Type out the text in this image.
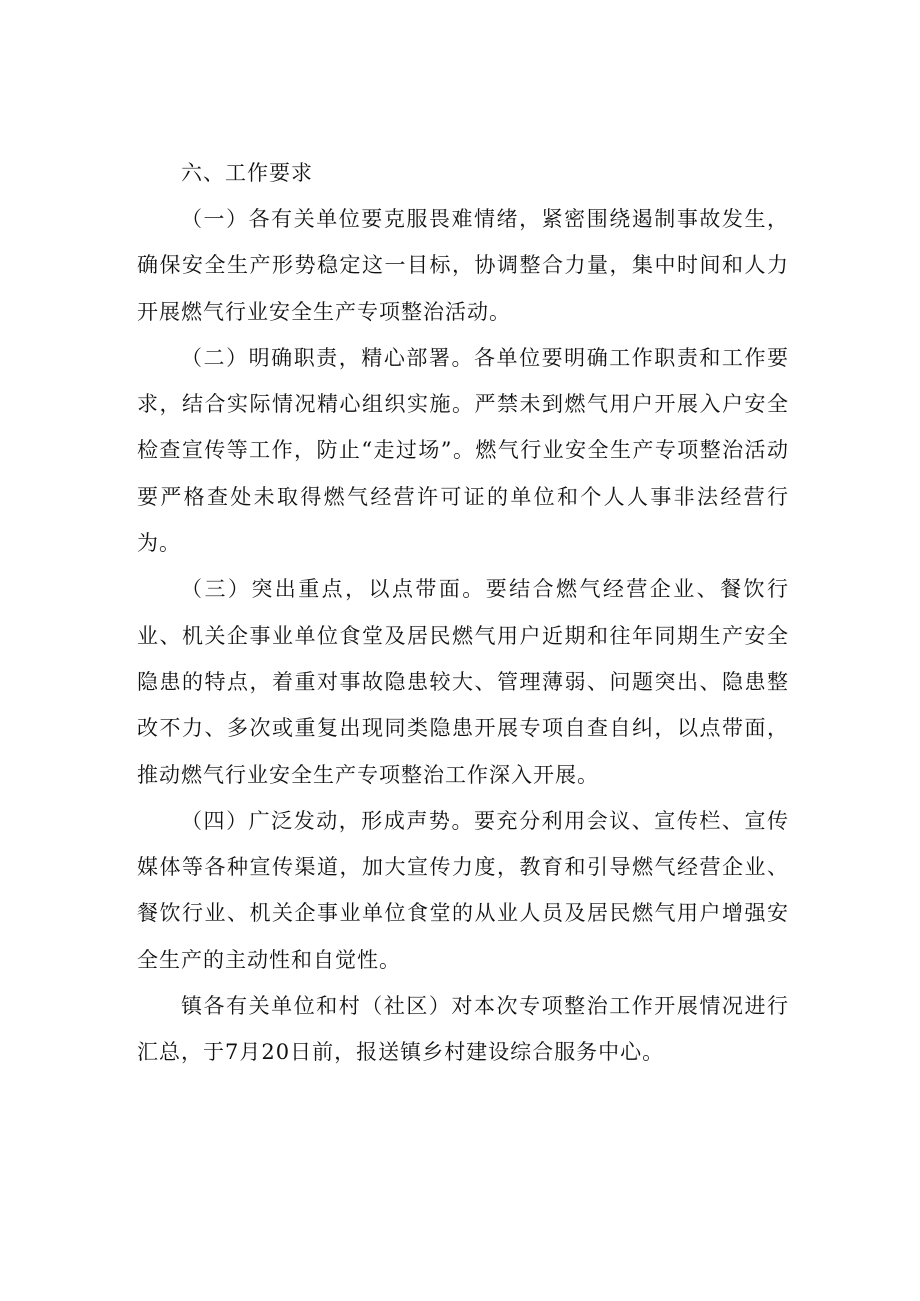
六、工作要求

（一）各有关单位要克服畏难情绪，紧密围绕遏制事故发生，确保安全生产形势稳定这一目标，协调整合力量，集中时间和人力开展燃气行业安全生产专项整治活动。

（二）明确职责，精心部署。各单位要明确工作职责和工作要求，结合实际情况精心组织实施。严禁未到燃气用户开展入户安全检查宣传等工作，防止“走过场”。燃气行业安全生产专项整治活动要严格查处未取得燃气经营许可证的单位和个人人事非法经营行为。

（三）突出重点，以点带面。要结合燃气经营企业、餐饮行业、机关企事业单位食堂及居民燃气用户近期和往年同期生产安全隐患的特点，着重对事故隐患较大、管理薄弱、问题突出、隐患整改不力、多次或重复出现同类隐患开展专项自查自纠，以点带面，推动燃气行业安全生产专项整治工作深入开展。

（四）广泛发动，形成声势。要充分利用会议、宣传栏、宣传媒体等各种宣传渠道，加大宣传力度，教育和引导燃气经营企业、餐饮行业、机关企事业单位食堂的从业人员及居民燃气用户增强安全生产的主动性和自觉性。

镇各有关单位和村（社区）对本次专项整治工作开展情况进行汇总，于7月20日前，报送镇乡村建设综合服务中心。
